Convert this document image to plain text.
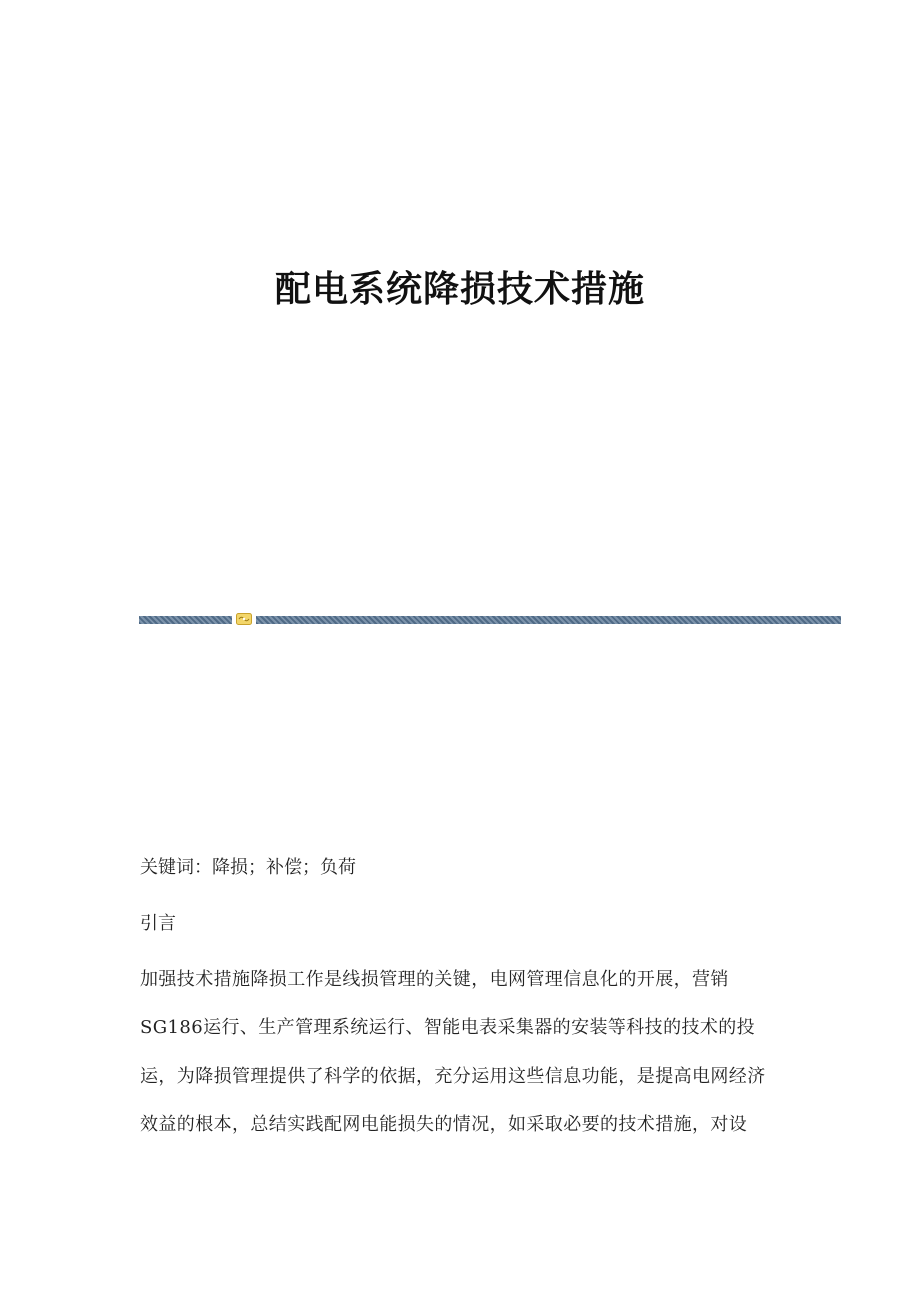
配电系统降损技术措施

关键词：降损；补偿；负荷

引言

加强技术措施降损工作是线损管理的关键，电网管理信息化的开展，营销

SG186运行、生产管理系统运行、智能电表采集器的安装等科技的技术的投

运，为降损管理提供了科学的依据，充分运用这些信息功能，是提高电网经济

效益的根本，总结实践配网电能损失的情况，如采取必要的技术措施，对设
